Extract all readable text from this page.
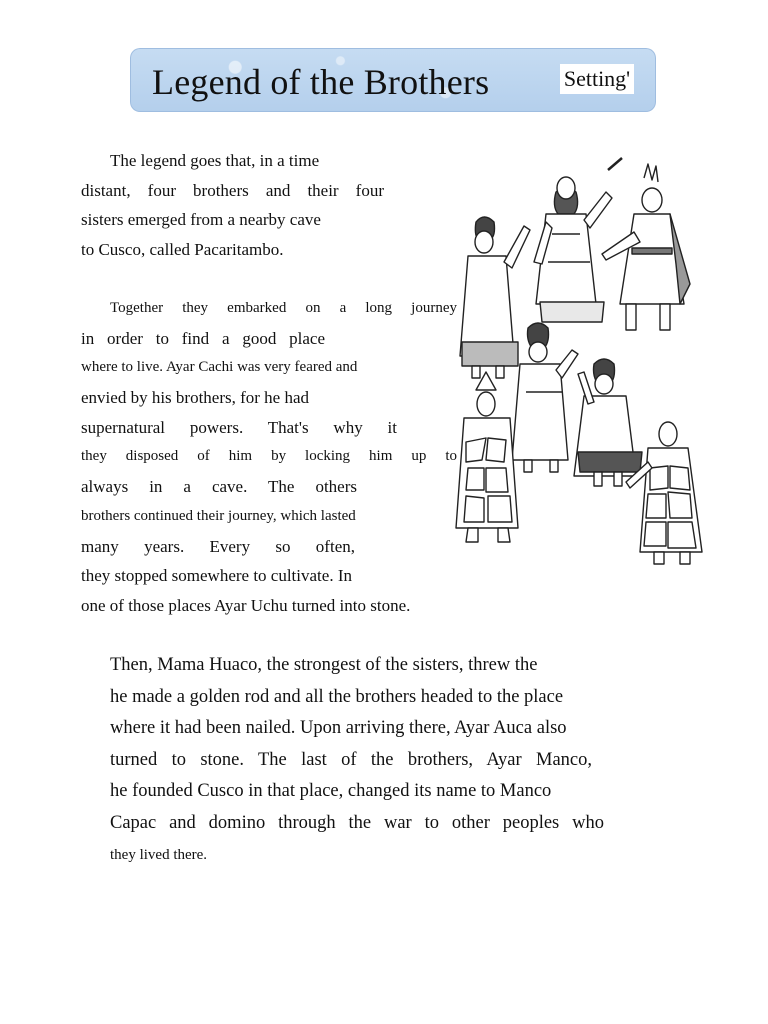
Legend of the Brothers	Setting'
The legend goes that, in a time
distant, four brothers and their four
sisters emerged from a nearby cave
to Cusco, called Pacaritambo.
Together they embarked on a long journey
in order to find a good place
where to live. Ayar Cachi was very feared and
envied by his brothers, for he had
supernatural powers. That's why it
they disposed of him by locking him up to
always in a cave. The others
brothers continued their journey, which lasted
many years. Every so often,
they stopped somewhere to cultivate. In
one of those places Ayar Uchu turned into stone.
Then, Mama Huaco, the strongest of the sisters, threw the
he made a golden rod and all the brothers headed to the place
where it had been nailed. Upon arriving there, Ayar Auca also
turned to stone. The last of the brothers, Ayar Manco,
he founded Cusco in that place, changed its name to Manco
Capac and domino through the war to other peoples who
they lived there.
